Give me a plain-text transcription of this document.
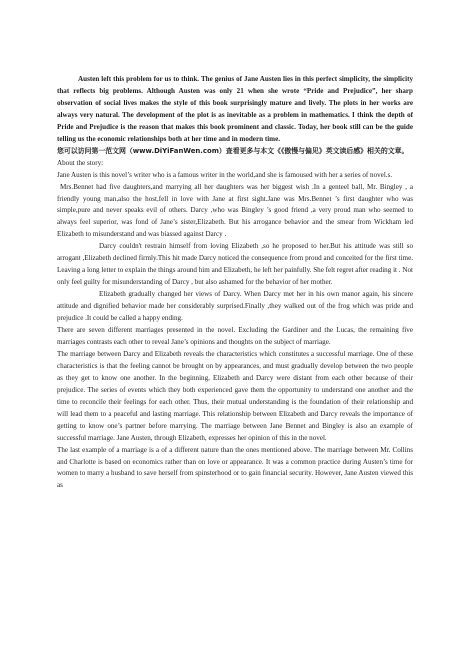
Austen left this problem for us to think. The genius of Jane Austen lies in this perfect simplicity, the simplicity that reflects big problems. Although Austen was only 21 when she wrote “Pride and Prejudice”, her sharp observation of social lives makes the style of this book surprisingly mature and lively. The plots in her works are always very natural. The development of the plot is as inevitable as a problem in mathematics. I think the depth of Pride and Prejudice is the reason that makes this book prominent and classic. Today, her book still can be the guide telling us the economic relationships both at her time and in modern time.

您可以访问第一范文网（www.DiYiFanWen.com）查看更多与本文《《傲慢与偏见》英文读后感》相关的文章。

About the story:

Jane Austen is this novel’s writer who is a famous writer in the world,and she is famoused with her a series of novel.s.

Mrs.Bennet had five daughters,and marrying all her daughters was her biggest wish .In a genteel ball, Mr. Bingley , a friendly young man,also the host,fell in love with Jane at first sight.Jane was Mrs.Bennet ’s first daughter who was simple,pure and never speaks evil of others. Darcy ,who was Bingley ’s good friend ,a very proud man who seemed to always feel superior, was fond of Jane’s sister,Elizabeth. But his arrogance behavior and the smear from Wickham led Elizabeth to misunderstand and was biassed against Darcy .

Darcy couldn't restrain himself from loving Elizabeth ,so he proposed to her.But his attitude was still so arrogant ,Elizabeth declined firmly.This hit made Darcy noticed the consequence from proud and conceited for the first time. Leaving a long letter to explain the things around him and Elizabeth, he left her painfully. She felt regret after reading it . Not only feel guilty for misunderstanding of Darcy , but also ashamed for the behavior of her mother.

Elizabeth gradually changed her views of Darcy. When Darcy met her in his own manor again, his sincere attitude and dignified behavior made her considerably surprised.Finally ,they walked out of the frog which was pride and prejudice .It could be called a happy ending.

There are seven different marriages presented in the novel. Excluding the Gardiner and the Lucas, the remaining five marriages contrasts each other to reveal Jane’s opinions and thoughts on the subject of marriage.

The marriage between Darcy and Elizabeth reveals the characteristics which constitutes a successful marriage. One of these characteristics is that the feeling cannot be brought on by appearances, and must gradually develop between the two people as they get to know one another. In the beginning, Elizabeth and Darcy were distant from each other because of their prejudice. The series of events which they both experienced gave them the opportunity to understand one another and the time to reconcile their feelings for each other. Thus, their mutual understanding is the foundation of their relationship and will lead them to a peaceful and lasting marriage. This relationship between Elizabeth and Darcy reveals the importance of getting to know one’s partner before marrying. The marriage between Jane Bennet and Bingley is also an example of successful marriage. Jane Austen, through Elizabeth, expresses her opinion of this in the novel.

The last example of a marriage is a of a different nature than the ones mentioned above. The marriage between Mr. Collins and Charlotte is based on economics rather than on love or appearance. It was a common practice during Austen’s time for women to marry a husband to save herself from spinsterhood or to gain financial security. However, Jane Austen viewed this as
